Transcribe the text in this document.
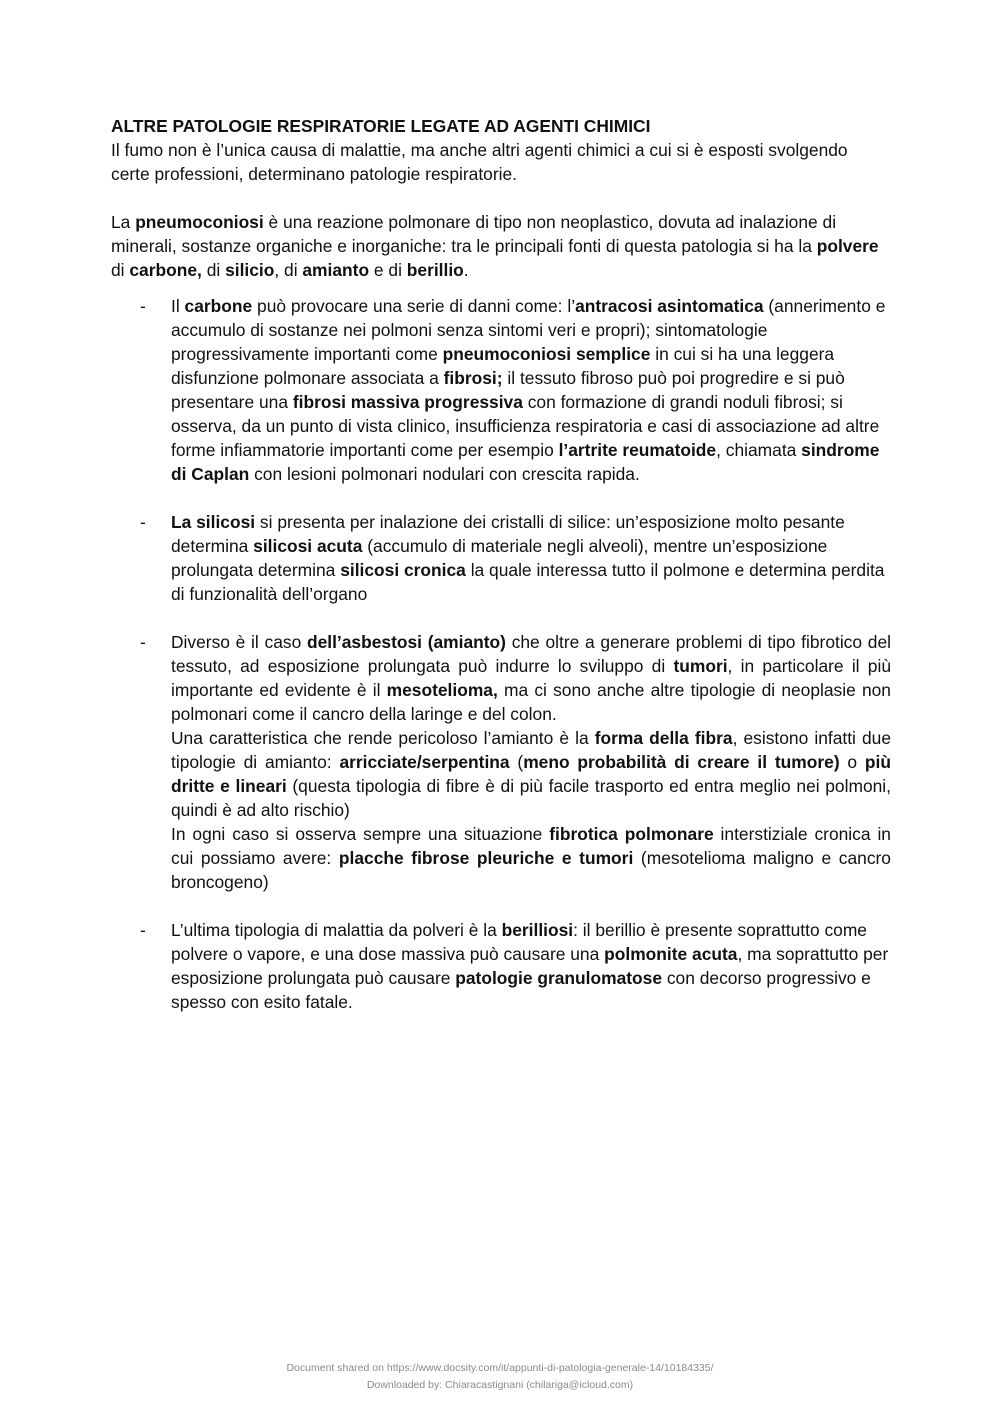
ALTRE PATOLOGIE RESPIRATORIE LEGATE AD AGENTI CHIMICI

Il fumo non è l’unica causa di malattie, ma anche altri agenti chimici a cui si è esposti svolgendo certe professioni, determinano patologie respiratorie.

La pneumoconiosi è una reazione polmonare di tipo non neoplastico, dovuta ad inalazione di minerali, sostanze organiche e inorganiche: tra le principali fonti di questa patologia si ha la polvere di carbone, di silicio, di amianto e di berillio.

- Il carbone può provocare una serie di danni come: l’antracosi asintomatica (annerimento e accumulo di sostanze nei polmoni senza sintomi veri e propri); sintomatologie progressivamente importanti come pneumoconiosi semplice in cui si ha una leggera disfunzione polmonare associata a fibrosi; il tessuto fibroso può poi progredire e si può presentare una fibrosi massiva progressiva con formazione di grandi noduli fibrosi; si osserva, da un punto di vista clinico, insufficienza respiratoria e casi di associazione ad altre forme infiammatorie importanti come per esempio l’artrite reumatoide, chiamata sindrome di Caplan con lesioni polmonari nodulari con crescita rapida.

- La silicosi si presenta per inalazione dei cristalli di silice: un’esposizione molto pesante determina silicosi acuta (accumulo di materiale negli alveoli), mentre un’esposizione prolungata determina silicosi cronica la quale interessa tutto il polmone e determina perdita di funzionalità dell’organo

- Diverso è il caso dell’asbestosi (amianto) che oltre a generare problemi di tipo fibrotico del tessuto, ad esposizione prolungata può indurre lo sviluppo di tumori, in particolare il più importante ed evidente è il mesotelioma, ma ci sono anche altre tipologie di neoplasie non polmonari come il cancro della laringe e del colon.

Una caratteristica che rende pericoloso l’amianto è la forma della fibra, esistono infatti due tipologie di amianto: arricciate/serpentina (meno probabilità di creare il tumore) o più dritte e lineari (questa tipologia di fibre è di più facile trasporto ed entra meglio nei polmoni, quindi è ad alto rischio)

In ogni caso si osserva sempre una situazione fibrotica polmonare interstiziale cronica in cui possiamo avere: placche fibrose pleuriche e tumori (mesotelioma maligno e cancro broncogeno)

- L’ultima tipologia di malattia da polveri è la berilliosi: il berillio è presente soprattutto come polvere o vapore, e una dose massiva può causare una polmonite acuta, ma soprattutto per esposizione prolungata può causare patologie granulomatose con decorso progressivo e spesso con esito fatale.

Document shared on https://www.docsity.com/it/appunti-di-patologia-generale-14/10184335/
Downloaded by: Chiaracastignani (chilariga@icloud.com)
